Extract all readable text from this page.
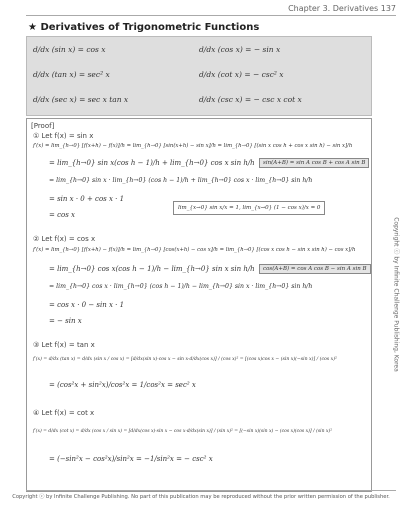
Chapter 3. Derivatives 137
★ Derivatives of Trigonometric Functions
d/dx (sin x) = cos x	d/dx (cos x) = − sin x
d/dx (tan x) = sec² x	d/dx (cot x) = − csc² x
d/dx (sec x) = sec x tan x	d/dx (csc x) = − csc x cot x
[Proof]
① Let f(x) = sin x
f′(x) = lim_{h→0} [f(x+h) − f(x)]/h = lim_{h→0} [sin(x+h) − sin x]/h = lim_{h→0} [(sin x cos h + cos x sin h) − sin x]/h
= lim_{h→0} sin x(cos h − 1)/h + lim_{h→0} cos x sin h/h	sin(A+B) = sin A cos B + cos A sin B
= lim_{h→0} sin x · lim_{h→0} (cos h − 1)/h + lim_{h→0} cos x · lim_{h→0} sin h/h
= sin x · 0 + cos x · 1
lim_{x→0} sin x/x = 1, lim_{x→0} (1 − cos x)/x = 0
= cos x
② Let f(x) = cos x
f′(x) = lim_{h→0} [f(x+h) − f(x)]/h = lim_{h→0} [cos(x+h) − cos x]/h = lim_{h→0} [(cos x cos h − sin x sin h) − cos x]/h
= lim_{h→0} cos x(cos h − 1)/h − lim_{h→0} sin x sin h/h	cos(A+B) = cos A cos B − sin A sin B
= lim_{h→0} cos x · lim_{h→0} (cos h − 1)/h − lim_{h→0} sin x · lim_{h→0} sin h/h
= cos x · 0 − sin x · 1
= − sin x
③ Let f(x) = tan x
f′(x) = d/dx (tan x) = d/dx (sin x / cos x) = [d/dx(sin x)·cos x − sin x·d/dx(cos x)] / (cos x)² = [(cos x)cos x − (sin x)(−sin x)] / (cos x)²
= (cos²x + sin²x)/cos²x = 1/cos²x = sec² x
④ Let f(x) = cot x
f′(x) = d/dx (cot x) = d/dx (cos x / sin x) = [d/dx(cos x)·sin x − cos x·d/dx(sin x)] / (sin x)² = [(−sin x)(sin x) − (cos x)(cos x)] / (sin x)²
= (−sin²x − cos²x)/sin²x = −1/sin²x = − csc² x
Copyright ⓒ by Infinite Challenge Publishing, Korea
Copyright ⓒ by Infinite Challenge Publishing. No part of this publication may be reproduced without the prior written permission of the publisher.
